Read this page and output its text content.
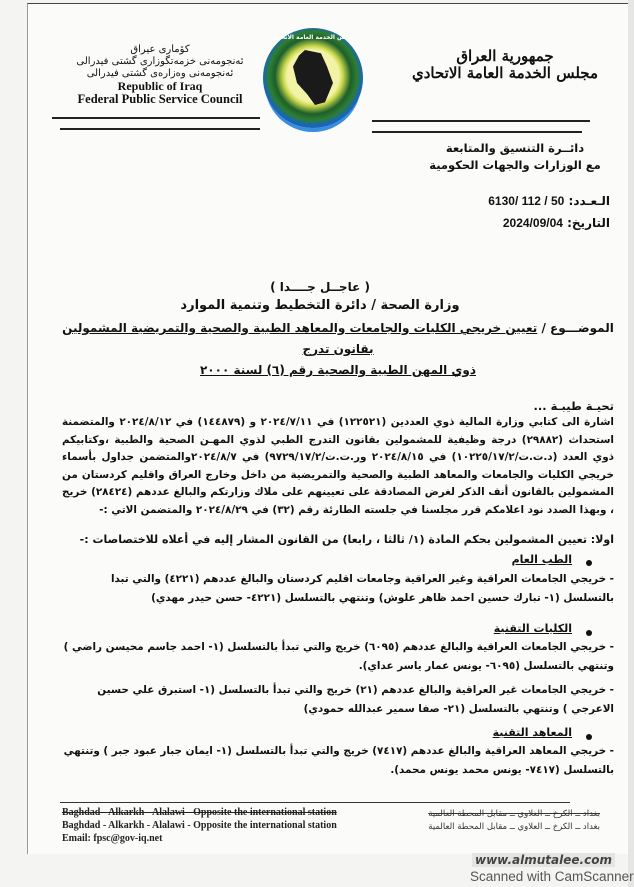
كۆماری عیراق
ئەنجومەنی خزمەتگوزاری گشتی فیدرالی
ئەنجومەنی وەزارەی گشتی فیدرالی
Republic of Iraq
Federal Public Service Council
مجلس الخدمة العامة الاتحادي
جمهورية العراق
مجلس الخدمة العامة الاتحادي
دائــرة التنسيق والمتابعة
مع الوزارات والجهات الحكومية
الـعـدد: 6130/ 112 / 50
التاريخ: 2024/09/04
( عاجــل جــــدا )
وزارة الصحة / دائرة التخطيط وتنمية الموارد
الموضـــوع / تعيين خريجي الكليات والجامعات والمعاهد الطبية والصحية والتمريضية المشمولين بقانون تدرج
ذوي المهن الطبية والصحية رقم (٦) لسنة ٢٠٠٠
تحيـة طيبـة ...
اشارة الى كتابي وزارة المالية ذوي العددين (١٢٢٥٢١) في ٢٠٢٤/٧/١١ و (١٤٤٨٧٩) في ٢٠٢٤/٨/١٢ والمتضمنة استحداث (٢٩٨٨٢) درجة وظيفية للمشمولين بقانون التدرج الطبي لذوي المهـن الصحية والطبية ،وكتابيكم ذوي العدد (د.ت.ت/١٠٢٢٥/١٧/٢) في ٢٠٢٤/٨/١٥ ور.ت.ت/٩٧٢٩/١٧/٢) في ٢٠٢٤/٨/٧والمتضمن جداول بأسماء خريجي الكليات والجامعات والمعاهد الطبية والصحية والتمريضية من داخل وخارج العراق واقليم كردستان من المشمولين بالقانون أنف الذكر لغرض المصادقة على تعيينهم على ملاك وزارتكم والبالغ عددهم (٢٨٤٢٤) خريج ، وبهذا الصدد نود اعلامكم قرر مجلسنا في جلسته الطارئة رقم (٣٢) في ٢٠٢٤/٨/٢٩ والمتضمن الاتي :-
اولا: تعيين المشمولين بحكم المادة (١/ ثالثا ، رابعا) من القانون المشار إليه في أعلاه للاختصاصات :-
الطب العام
- خريجي الجامعات العراقية وغير العراقية وجامعات اقليم كردستان والبالغ عددهم (٤٢٢١) والتي تبدا بالتسلسل (١- تبارك حسين احمد ظاهر علوش) وتنتهي بالتسلسل (٤٢٢١- حسن حيدر مهدي)
الكليات التقنية
- خريجي الجامعات العراقية والبالغ عددهم (٦٠٩٥) خريج والتي تبدأ بالتسلسل (١- احمد جاسم محيسن راضي ) وتنتهي بالتسلسل (٦٠٩٥- يونس عمار ياسر عداي).
- خريجي الجامعات غير العراقية والبالغ عددهم (٢١) خريج والتي تبدأ بالتسلسل (١- استبرق علي حسين الاعرجي ) وتنتهي بالتسلسل (٢١- صفا سمير عبدالله حمودي)
المعاهد التقنية
- خريجي المعاهد العراقية والبالغ عددهم (٧٤١٧) خريج والتي تبدأ بالتسلسل (١- ايمان جبار عبود جبر ) وتنتهي بالتسلسل (٧٤١٧- يونس محمد يونس محمد).
Baghdad - Alkarkh - Alalawi - Opposite the international station
Baghdad - Alkarkh - Alalawi - Opposite the international station
Email: fpsc@gov-iq.net
بغداد ــ الكرخ ــ العلاوي ــ مقابل المحطة العالمية
بغداد ــ الكرخ ــ العلاوي ــ مقابل المحطة العالمية
www.almutalee.com
Scanned with CamScanner
